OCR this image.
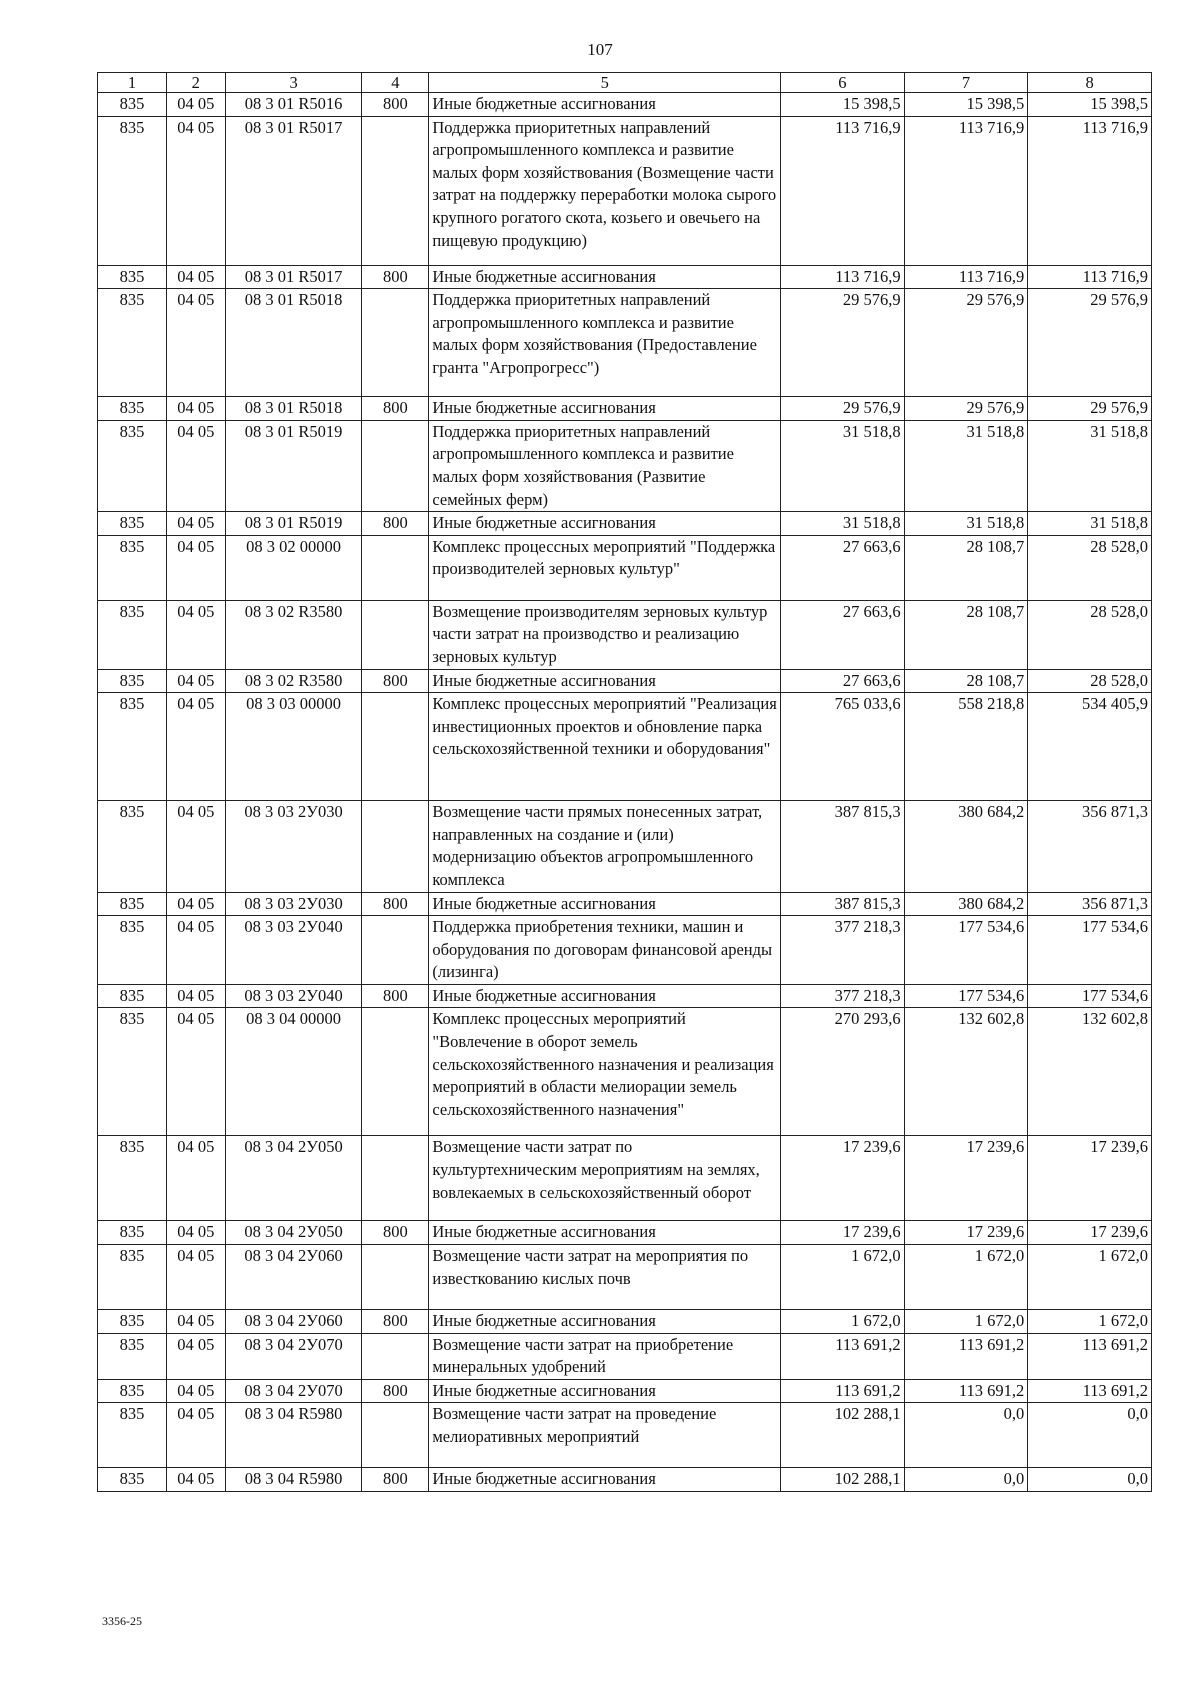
107
1	2	3	4	5	6	7	8
835	04 05	08 3 01 R5016	800	Иные бюджетные ассигнования	15 398,5	15 398,5	15 398,5
835	04 05	08 3 01 R5017		Поддержка приоритетных направлений агропромышленного комплекса и развитие малых форм хозяйствования (Возмещение части затрат на поддержку переработки молока сырого крупного рогатого скота, козьего и овечьего на пищевую продукцию)	113 716,9	113 716,9	113 716,9
835	04 05	08 3 01 R5017	800	Иные бюджетные ассигнования	113 716,9	113 716,9	113 716,9
835	04 05	08 3 01 R5018		Поддержка приоритетных направлений агропромышленного комплекса и развитие малых форм хозяйствования (Предоставление гранта "Агропрогресс")	29 576,9	29 576,9	29 576,9
835	04 05	08 3 01 R5018	800	Иные бюджетные ассигнования	29 576,9	29 576,9	29 576,9
835	04 05	08 3 01 R5019		Поддержка приоритетных направлений агропромышленного комплекса и развитие малых форм хозяйствования (Развитие семейных ферм)	31 518,8	31 518,8	31 518,8
835	04 05	08 3 01 R5019	800	Иные бюджетные ассигнования	31 518,8	31 518,8	31 518,8
835	04 05	08 3 02 00000		Комплекс процессных мероприятий "Поддержка производителей зерновых культур"	27 663,6	28 108,7	28 528,0
835	04 05	08 3 02 R3580		Возмещение производителям зерновых культур части затрат на производство и реализацию зерновых культур	27 663,6	28 108,7	28 528,0
835	04 05	08 3 02 R3580	800	Иные бюджетные ассигнования	27 663,6	28 108,7	28 528,0
835	04 05	08 3 03 00000		Комплекс процессных мероприятий "Реализация инвестиционных проектов и обновление парка сельскохозяйственной техники и оборудования"	765 033,6	558 218,8	534 405,9
835	04 05	08 3 03 2У030		Возмещение части прямых понесенных затрат, направленных на создание и (или) модернизацию объектов агропромышленного комплекса	387 815,3	380 684,2	356 871,3
835	04 05	08 3 03 2У030	800	Иные бюджетные ассигнования	387 815,3	380 684,2	356 871,3
835	04 05	08 3 03 2У040		Поддержка приобретения техники, машин и оборудования по договорам финансовой аренды (лизинга)	377 218,3	177 534,6	177 534,6
835	04 05	08 3 03 2У040	800	Иные бюджетные ассигнования	377 218,3	177 534,6	177 534,6
835	04 05	08 3 04 00000		Комплекс процессных мероприятий "Вовлечение в оборот земель сельскохозяйственного назначения и реализация мероприятий в области мелиорации земель сельскохозяйственного назначения"	270 293,6	132 602,8	132 602,8
835	04 05	08 3 04 2У050		Возмещение части затрат по культуртехническим мероприятиям на землях, вовлекаемых в сельскохозяйственный оборот	17 239,6	17 239,6	17 239,6
835	04 05	08 3 04 2У050	800	Иные бюджетные ассигнования	17 239,6	17 239,6	17 239,6
835	04 05	08 3 04 2У060		Возмещение части затрат на мероприятия по известкованию кислых почв	1 672,0	1 672,0	1 672,0
835	04 05	08 3 04 2У060	800	Иные бюджетные ассигнования	1 672,0	1 672,0	1 672,0
835	04 05	08 3 04 2У070		Возмещение части затрат на приобретение минеральных удобрений	113 691,2	113 691,2	113 691,2
835	04 05	08 3 04 2У070	800	Иные бюджетные ассигнования	113 691,2	113 691,2	113 691,2
835	04 05	08 3 04 R5980		Возмещение части затрат на проведение мелиоративных мероприятий	102 288,1	0,0	0,0
835	04 05	08 3 04 R5980	800	Иные бюджетные ассигнования	102 288,1	0,0	0,0
3356-25
